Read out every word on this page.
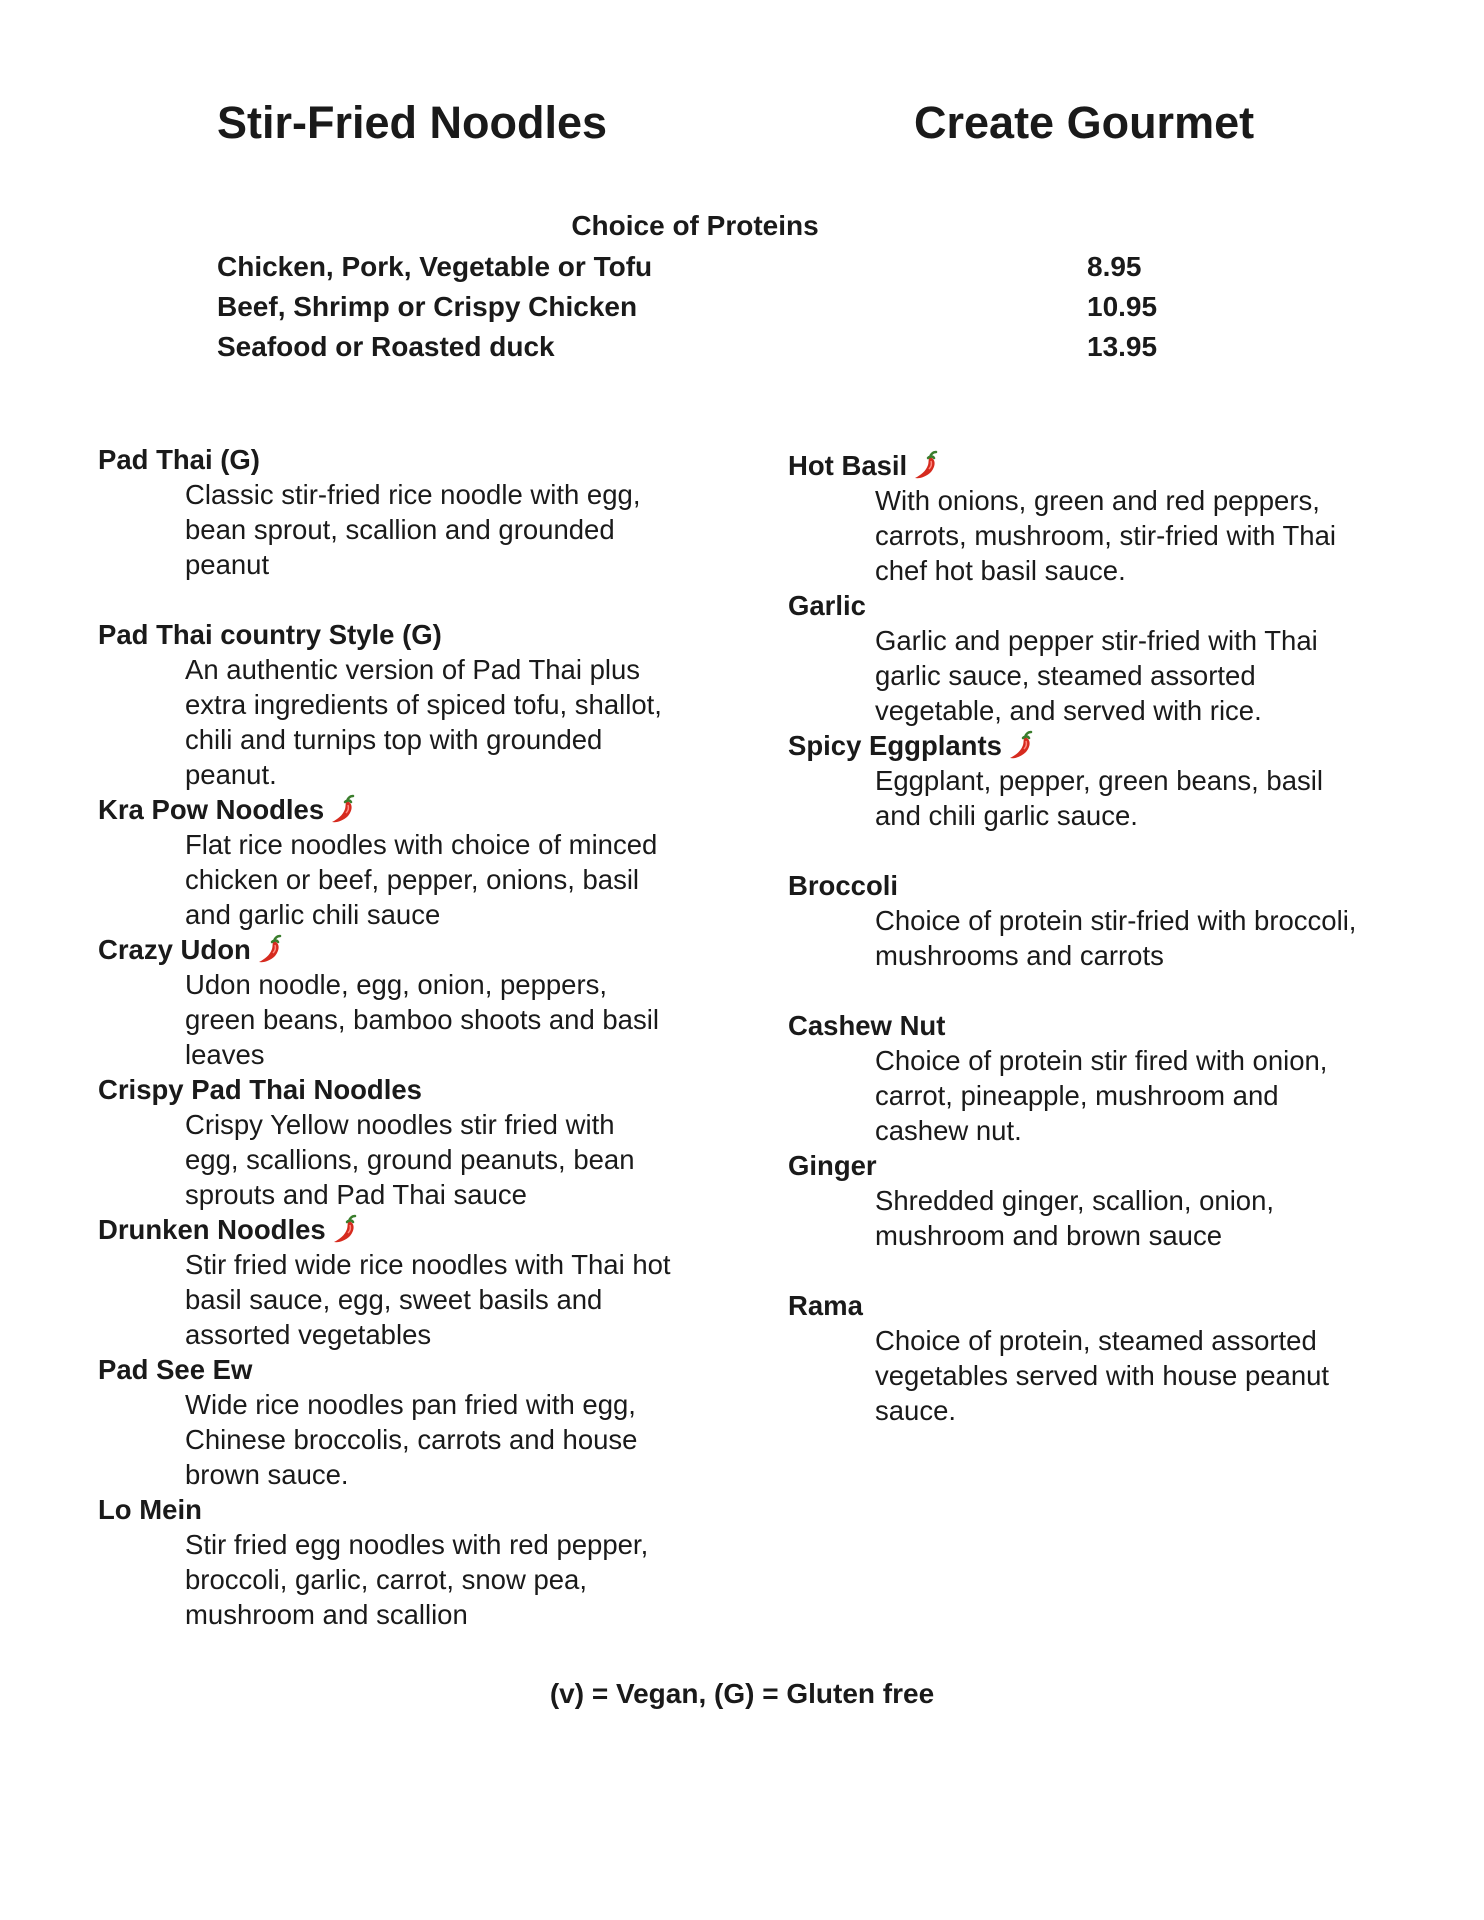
Stir-Fried Noodles	Create Gourmet
Choice of Proteins
Chicken, Pork, Vegetable or Tofu	8.95
Beef, Shrimp or Crispy Chicken	10.95
Seafood or Roasted duck	13.95
Pad Thai (G)
Classic stir-fried rice noodle with egg,
bean sprout, scallion and grounded
peanut
Pad Thai country Style (G)
An authentic version of Pad Thai plus
extra ingredients of spiced tofu, shallot,
chili and turnips top with grounded
peanut.
Kra Pow Noodles
Flat rice noodles with choice of minced
chicken or beef, pepper, onions, basil
and garlic chili sauce
Crazy Udon
Udon noodle, egg, onion, peppers,
green beans, bamboo shoots and basil
leaves
Crispy Pad Thai Noodles
Crispy Yellow noodles stir fried with
egg, scallions, ground peanuts, bean
sprouts and Pad Thai sauce
Drunken Noodles
Stir fried wide rice noodles with Thai hot
basil sauce, egg, sweet basils and
assorted vegetables
Pad See Ew
Wide rice noodles pan fried with egg,
Chinese broccolis, carrots and house
brown sauce.
Lo Mein
Stir fried egg noodles with red pepper,
broccoli, garlic, carrot, snow pea,
mushroom and scallion
Hot Basil
With onions, green and red peppers,
carrots, mushroom, stir-fried with Thai
chef hot basil sauce.
Garlic
Garlic and pepper stir-fried with Thai
garlic sauce, steamed assorted
vegetable, and served with rice.
Spicy Eggplants
Eggplant, pepper, green beans, basil
and chili garlic sauce.
Broccoli
Choice of protein stir-fried with broccoli,
mushrooms and carrots
Cashew Nut
Choice of protein stir fired with onion,
carrot, pineapple, mushroom and
cashew nut.
Ginger
Shredded ginger, scallion, onion,
mushroom and brown sauce
Rama
Choice of protein, steamed assorted
vegetables served with house peanut
sauce.
(v) = Vegan, (G) = Gluten free
